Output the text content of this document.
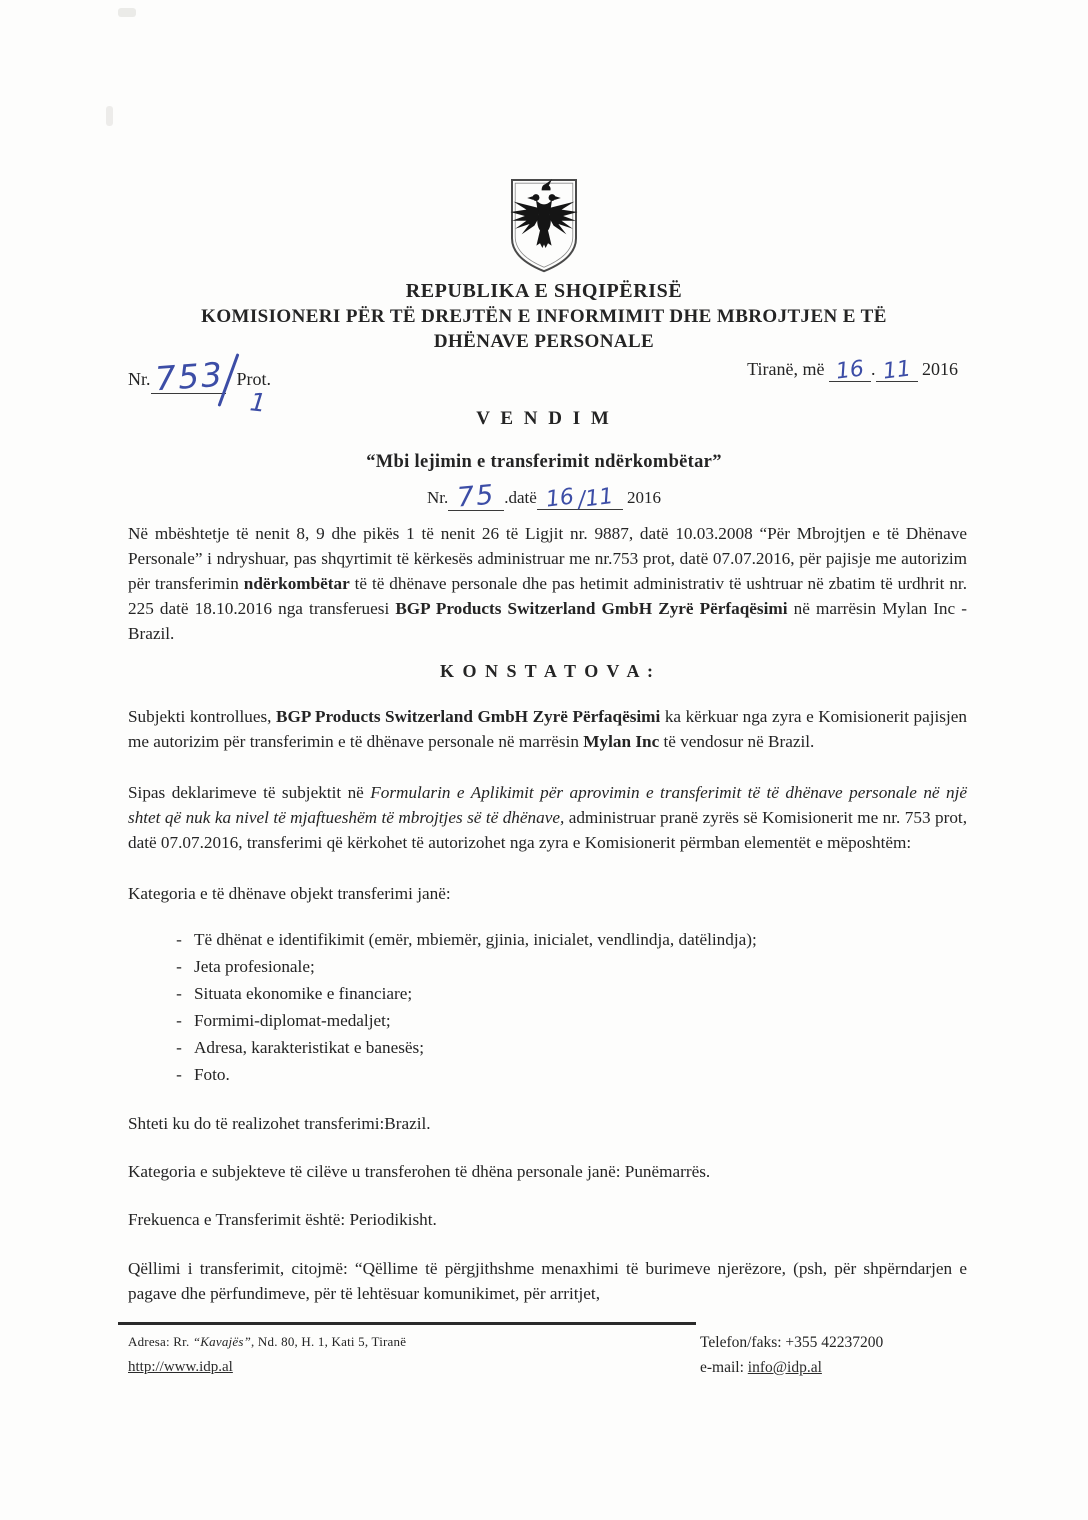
REPUBLIKA E SHQIPËRISË
KOMISIONERI PËR TË DREJTËN E INFORMIMIT DHE MBROJTJEN E TË
DHËNAVE PERSONALE
Nr.753 Prot.
1
Tiranë, më 16 . 11 2016
V E N D I M
“Mbi lejimin e transferimit ndërkombëtar”
Nr. 75 .datë 16 /11 2016

Në mbështetje të nenit 8, 9 dhe pikës 1 të nenit 26 të Ligjit nr. 9887, datë 10.03.2008 “Për Mbrojtjen e të Dhënave Personale” i ndryshuar, pas shqyrtimit të kërkesës administruar me nr.753 prot, datë 07.07.2016, për pajisje me autorizim për transferimin ndërkombëtar të të dhënave personale dhe pas hetimit administrativ të ushtruar në zbatim të urdhrit nr. 225 datë 18.10.2016 nga transferuesi BGP Products Switzerland GmbH Zyrë Përfaqësimi në marrësin Mylan Inc - Brazil.

K O N S T A T O V A :

Subjekti kontrollues, BGP Products Switzerland GmbH Zyrë Përfaqësimi ka kërkuar nga zyra e Komisionerit pajisjen me autorizim për transferimin e të dhënave personale në marrësin Mylan Inc të vendosur në Brazil.

Sipas deklarimeve të subjektit në Formularin e Aplikimit për aprovimin e transferimit të të dhënave personale në një shtet që nuk ka nivel të mjaftueshëm të mbrojtjes së të dhënave, administruar pranë zyrës së Komisionerit me nr. 753 prot, datë 07.07.2016, transferimi që kërkohet të autorizohet nga zyra e Komisionerit përmban elementët e mëposhtëm:

Kategoria e të dhënave objekt transferimi janë:

- Të dhënat e identifikimit (emër, mbiemër, gjinia, inicialet, vendlindja, datëlindja);
- Jeta profesionale;
- Situata ekonomike e financiare;
- Formimi-diplomat-medaljet;
- Adresa, karakteristikat e banesës;
- Foto.

Shteti ku do të realizohet transferimi:Brazil.

Kategoria e subjekteve të cilëve u transferohen të dhëna personale janë: Punëmarrës.

Frekuenca e Transferimit është: Periodikisht.

Qëllimi i transferimit, citojmë: “Qëllime të përgjithshme menaxhimi të burimeve njerëzore, (psh, për shpërndarjen e pagave dhe përfundimeve, për të lehtësuar komunikimet, për arritjet,

Adresa: Rr. “Kavajës”, Nd. 80, H. 1, Kati 5, Tiranë
http://www.idp.al
Telefon/faks: +355 42237200
e-mail: info@idp.al
